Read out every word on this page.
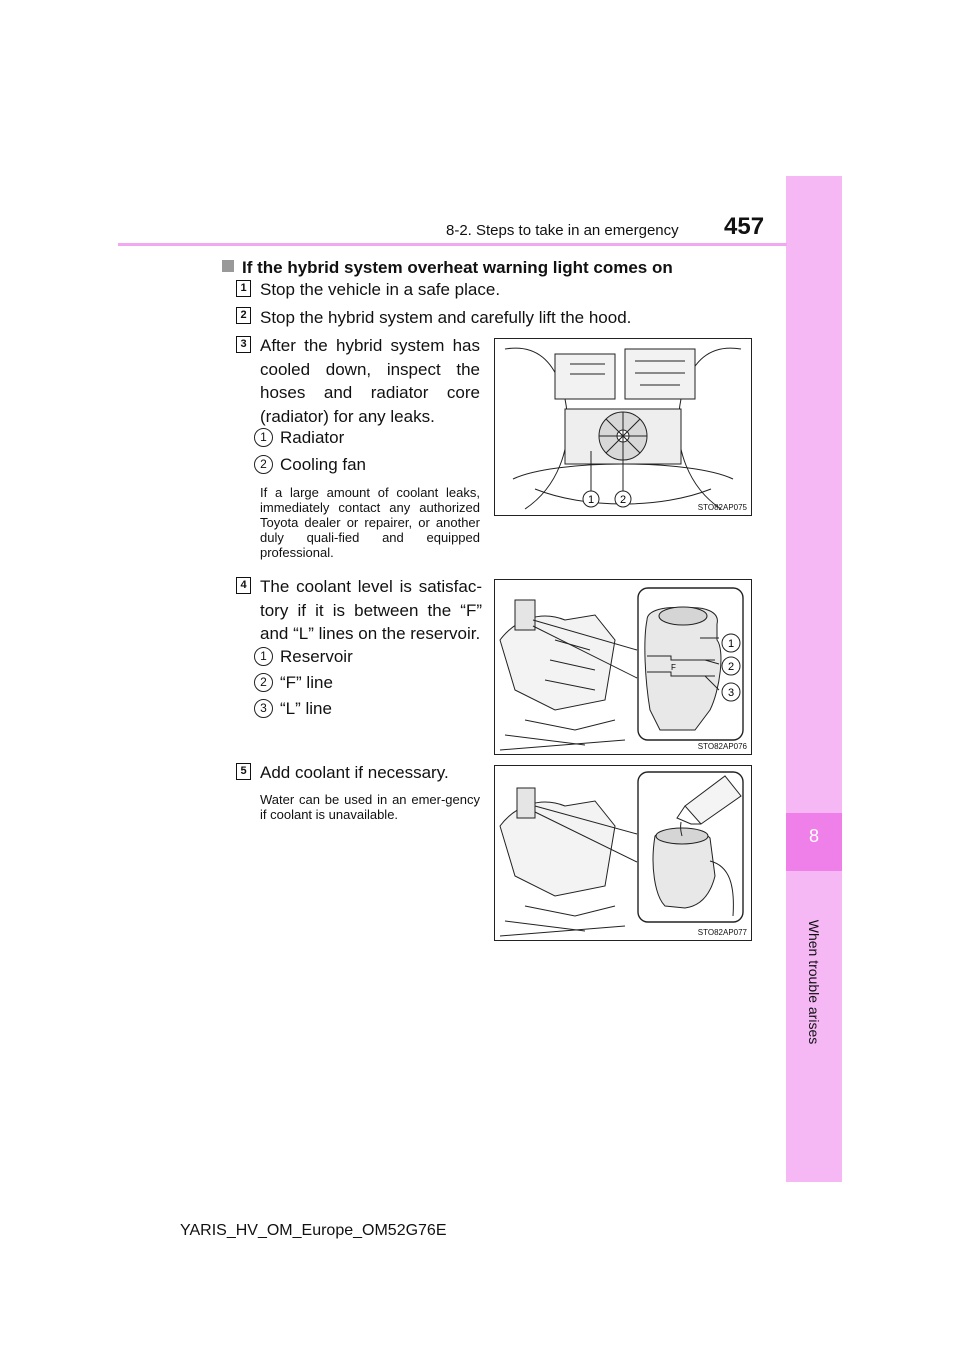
8
When trouble arises
8-2. Steps to take in an emergency 457
If the hybrid system overheat warning light comes on
1 Stop the vehicle in a safe place.
2 Stop the hybrid system and carefully lift the hood.
3 After the hybrid system has cooled down, inspect the hoses and radiator core (radiator) for any leaks.
1 Radiator
2 Cooling fan
If a large amount of coolant leaks, immediately contact any authorized Toyota dealer or repairer, or another duly quali-fied and equipped professional.
1 2
STO82AP075
4 The coolant level is satisfac-tory if it is between the “F” and “L” lines on the reservoir.
1 Reservoir
2 “F” line
3 “L” line
F
1
2
3
STO82AP076
5 Add coolant if necessary.
Water can be used in an emer-gency if coolant is unavailable.
STO82AP077
YARIS_HV_OM_Europe_OM52G76E
